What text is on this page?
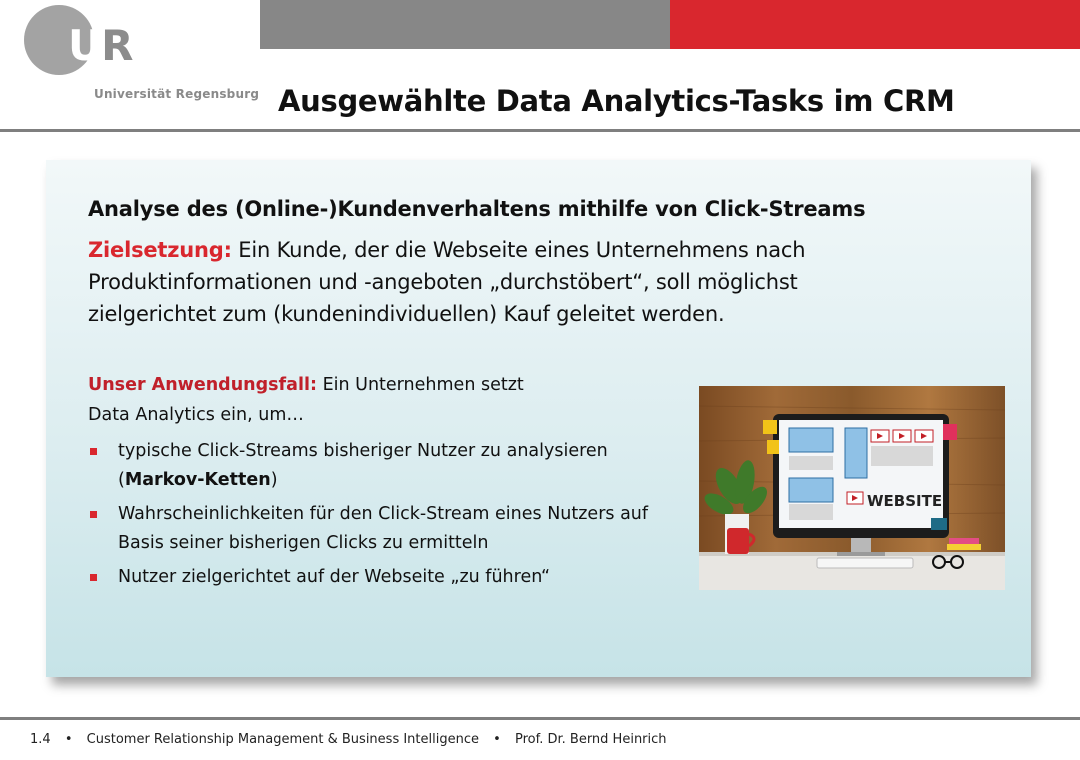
UR
Universität Regensburg Ausgewählte Data Analytics-Tasks im CRM
Analyse des (Online-)Kundenverhaltens mithilfe von Click-Streams
Zielsetzung: Ein Kunde, der die Webseite eines Unternehmens nach Produktinformationen und -angeboten „durchstöbert“, soll möglichst zielgerichtet zum (kundenindividuellen) Kauf geleitet werden.
Unser Anwendungsfall: Ein Unternehmen setzt
Data Analytics ein, um…
typische Click-Streams bisheriger Nutzer zu analysieren (Markov-Ketten)
Wahrscheinlichkeiten für den Click-Stream eines Nutzers auf Basis seiner bisherigen Clicks zu ermitteln
Nutzer zielgerichtet auf der Webseite „zu führen“
WEBSITE
1.4 • Customer Relationship Management & Business Intelligence • Prof. Dr. Bernd Heinrich
